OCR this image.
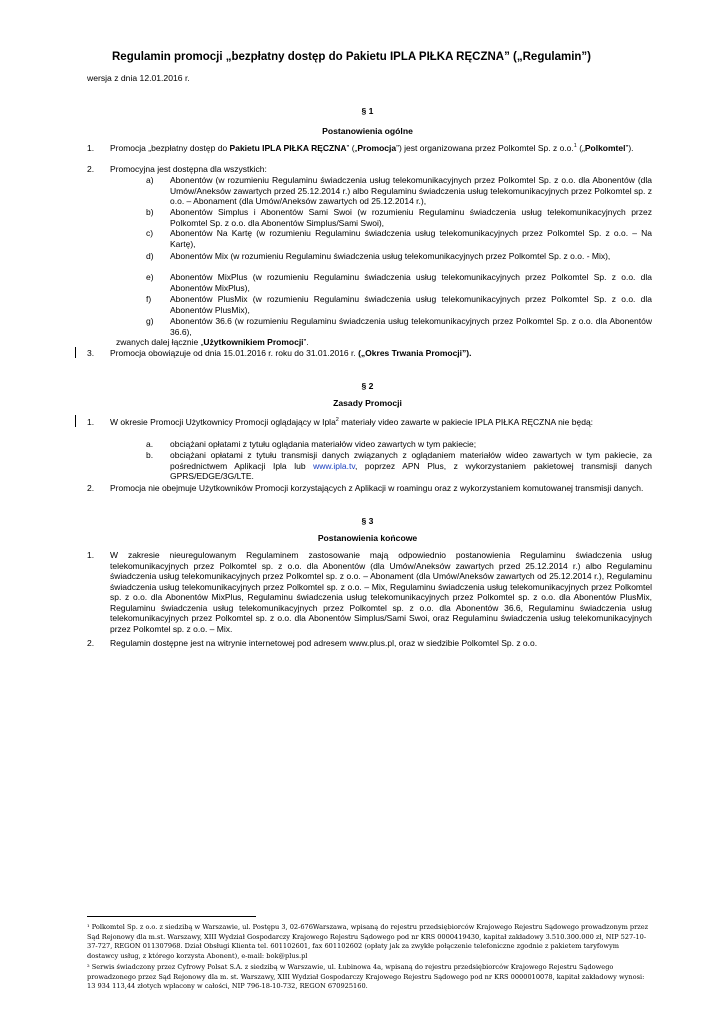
Regulamin promocji „bezpłatny dostęp do Pakietu IPLA PIŁKA RĘCZNA” („Regulamin”)
wersja z dnia 12.01.2016 r.
§ 1
Postanowienia ogólne
1. Promocja „bezpłatny dostęp do Pakietu IPLA PIŁKA RĘCZNA” („Promocja”) jest organizowana przez Polkomtel Sp. z o.o.$^1$ („Polkomtel”).
2. Promocyjna jest dostępna dla wszystkich:
a) Abonentów (w rozumieniu Regulaminu świadczenia usług telekomunikacyjnych przez Polkomtel Sp. z o.o. dla Abonentów (dla Umów/Aneksów zawartych przed 25.12.2014 r.) albo Regulaminu świadczenia usług telekomunikacyjnych przez Polkomtel sp. z o.o. – Abonament (dla Umów/Aneksów zawartych od 25.12.2014 r.),
b) Abonentów Simplus i Abonentów Sami Swoi (w rozumieniu Regulaminu świadczenia usług telekomunikacyjnych przez Polkomtel Sp. z o.o. dla Abonentów Simplus/Sami Swoi),
c) Abonentów Na Kartę (w rozumieniu Regulaminu świadczenia usług telekomunikacyjnych przez Polkomtel Sp. z o.o. – Na Kartę),
d) Abonentów Mix (w rozumieniu Regulaminu świadczenia usług telekomunikacyjnych przez Polkomtel Sp. z o.o. - Mix),
e) Abonentów MixPlus (w rozumieniu Regulaminu świadczenia usług telekomunikacyjnych przez Polkomtel Sp. z o.o. dla Abonentów MixPlus),
f) Abonentów PlusMix (w rozumieniu Regulaminu świadczenia usług telekomunikacyjnych przez Polkomtel Sp. z o.o. dla Abonentów PlusMix),
g) Abonentów 36.6 (w rozumieniu Regulaminu świadczenia usług telekomunikacyjnych przez Polkomtel Sp. z o.o. dla Abonentów 36.6),
zwanych dalej łącznie „Użytkownikiem Promocji”.
3. Promocja obowiązuje od dnia 15.01.2016 r. roku do 31.01.2016 r. („Okres Trwania Promocji”).
§ 2
Zasady Promocji
1. W okresie Promocji Użytkownicy Promocji oglądający w Ipla$^2$ materiały video zawarte w pakiecie IPLA PIŁKA RĘCZNA nie będą:
a. obciążani opłatami z tytułu oglądania materiałów video zawartych w tym pakiecie;
b. obciążani opłatami z tytułu transmisji danych związanych z oglądaniem materiałów wideo zawartych w tym pakiecie, za pośrednictwem Aplikacji Ipla lub www.ipla.tv, poprzez APN Plus, z wykorzystaniem pakietowej transmisji danych GPRS/EDGE/3G/LTE.
2. Promocja nie obejmuje Użytkowników Promocji korzystających z Aplikacji w roamingu oraz z wykorzystaniem komutowanej transmisji danych.
§ 3
Postanowienia końcowe
1. W zakresie nieuregulowanym Regulaminem zastosowanie mają odpowiednio postanowienia Regulaminu świadczenia usług telekomunikacyjnych przez Polkomtel sp. z o.o. dla Abonentów (dla Umów/Aneksów zawartych przed 25.12.2014 r.) albo Regulaminu świadczenia usług telekomunikacyjnych przez Polkomtel sp. z o.o. – Abonament (dla Umów/Aneksów zawartych od 25.12.2014 r.), Regulaminu świadczenia usług telekomunikacyjnych przez Polkomtel sp. z o.o. – Mix, Regulaminu świadczenia usług telekomunikacyjnych przez Polkomtel sp. z o.o. dla Abonentów MixPlus, Regulaminu świadczenia usług telekomunikacyjnych przez Polkomtel sp. z o.o. dla Abonentów PlusMix, Regulaminu świadczenia usług telekomunikacyjnych przez Polkomtel sp. z o.o. dla Abonentów 36.6, Regulaminu świadczenia usług telekomunikacyjnych przez Polkomtel sp. z o.o. dla Abonentów Simplus/Sami Swoi, oraz Regulaminu świadczenia usług telekomunikacyjnych przez Polkomtel sp. z o.o. – Mix.
2. Regulamin dostępne jest na witrynie internetowej pod adresem www.plus.pl, oraz w siedzibie Polkomtel Sp. z o.o.
¹ Polkomtel Sp. z o.o. z siedzibą w Warszawie, ul. Postępu 3, 02-676Warszawa, wpisaną do rejestru przedsiębiorców Krajowego Rejestru Sądowego prowadzonym przez Sąd Rejonowy dla m.st. Warszawy, XIII Wydział Gospodarczy Krajowego Rejestru Sądowego pod nr KRS 0000419430, kapitał zakładowy 3.510.300.000 zł, NIP 527-10-37-727, REGON 011307968. Dział Obsługi Klienta tel. 601102601, fax 601102602 (opłaty jak za zwykłe połączenie telefoniczne zgodnie z pakietem taryfowym dostawcy usług, z którego korzysta Abonent), e-mail: bok@plus.pl
² Serwis świadczony przez Cyfrowy Polsat S.A. z siedzibą w Warszawie, ul. Łubinowa 4a, wpisaną do rejestru przedsiębiorców Krajowego Rejestru Sądowego prowadzonego przez Sąd Rejonowy dla m. st. Warszawy, XIII Wydział Gospodarczy Krajowego Rejestru Sądowego pod nr KRS 0000010078, kapitał zakładowy wynosi: 13 934 113,44 złotych wpłacony w całości, NIP 796-18-10-732, REGON 670925160.
